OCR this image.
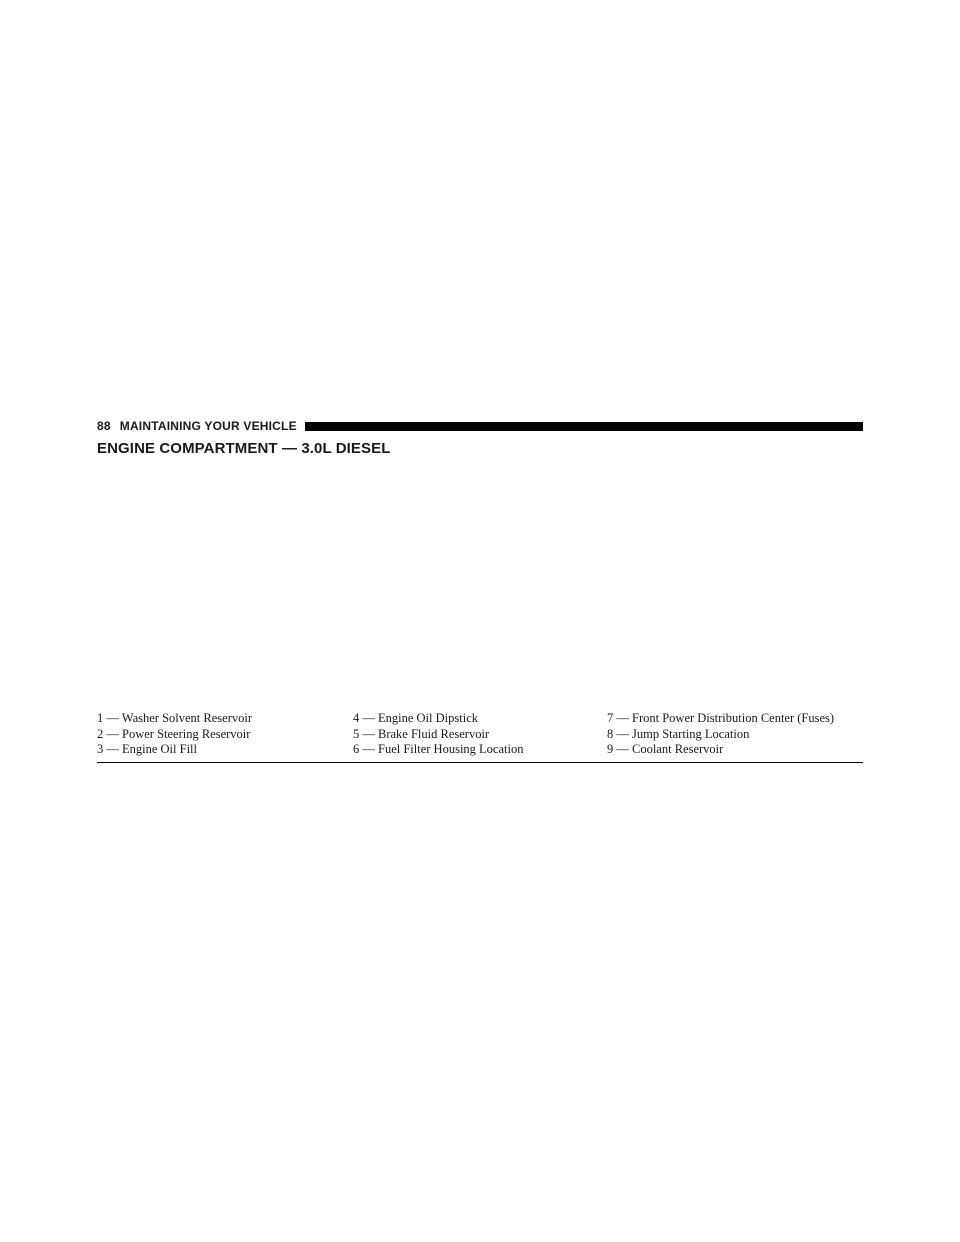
88 MAINTAINING YOUR VEHICLE
ENGINE COMPARTMENT — 3.0L DIESEL
1 — Washer Solvent Reservoir	4 — Engine Oil Dipstick	7 — Front Power Distribution Center (Fuses)
2 — Power Steering Reservoir	5 — Brake Fluid Reservoir	8 — Jump Starting Location
3 — Engine Oil Fill	6 — Fuel Filter Housing Location	9 — Coolant Reservoir
